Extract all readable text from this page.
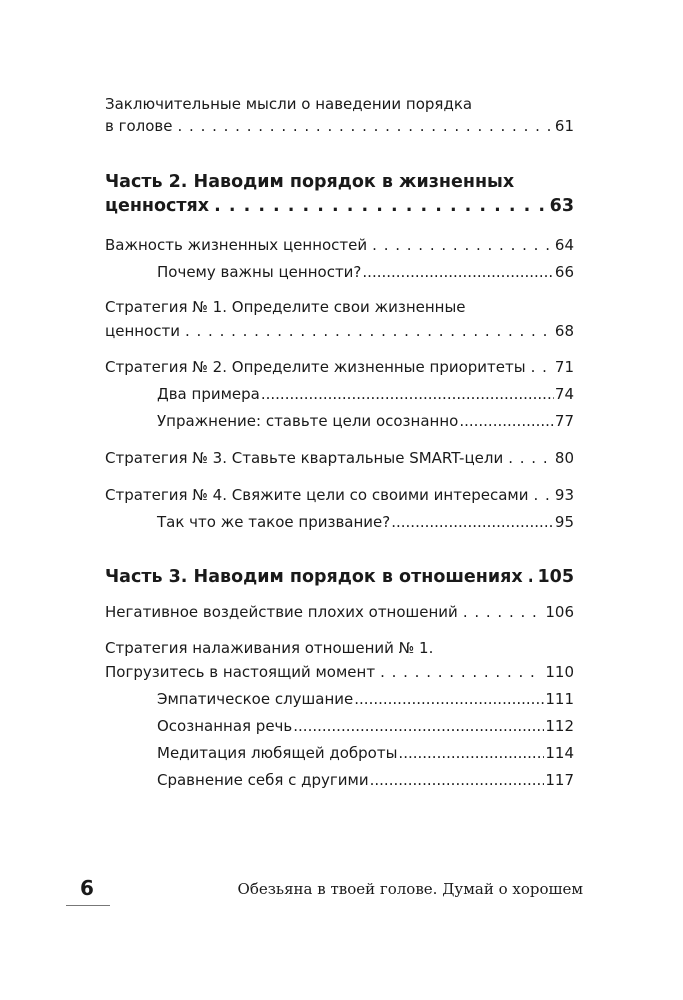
Заключительные мысли о наведении порядка
в голове . . .	61
Часть 2. Наводим порядок в жизненных
ценностях . . .	63
Важность жизненных ценностей . . .	64
Почему важны ценности? .....	66
Стратегия № 1. Определите свои жизненные
ценности . . .	68
Стратегия № 2. Определите жизненные приоритеты . . . 71
Два примера .....	74
Упражнение: ставьте цели осознанно .....	77
Стратегия № 3. Ставьте квартальные SMART-цели . . .	80
Стратегия № 4. Свяжите цели со своими интересами . . . 93
Так что же такое призвание? .....	95
Часть 3. Наводим порядок в отношениях . . . 105
Негативное воздействие плохих отношений . . .	106
Стратегия налаживания отношений № 1.
Погрузитесь в настоящий момент . . .	110
Эмпатическое слушание .....	111
Осознанная речь .....	112
Медитация любящей доброты .....	114
Сравнение себя с другими .....	117
6	Обезьяна в твоей голове. Думай о хорошем
